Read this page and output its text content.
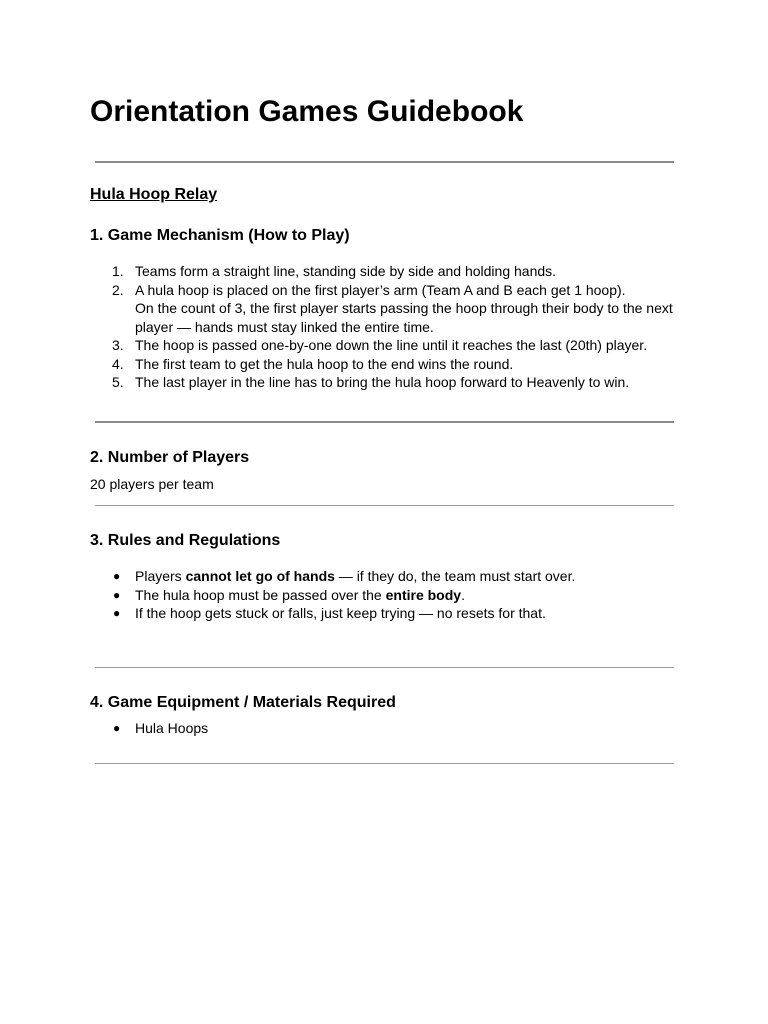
Orientation Games Guidebook
Hula Hoop Relay
1. Game Mechanism (How to Play)
1. Teams form a straight line, standing side by side and holding hands.
2. A hula hoop is placed on the first player’s arm (Team A and B each get 1 hoop).
On the count of 3, the first player starts passing the hoop through their body to the next
player — hands must stay linked the entire time.
3. The hoop is passed one-by-one down the line until it reaches the last (20th) player.
4. The first team to get the hula hoop to the end wins the round.
5. The last player in the line has to bring the hula hoop forward to Heavenly to win.
2. Number of Players
20 players per team
3. Rules and Regulations
● Players cannot let go of hands — if they do, the team must start over.
● The hula hoop must be passed over the entire body.
● If the hoop gets stuck or falls, just keep trying — no resets for that.
4. Game Equipment / Materials Required
● Hula Hoops
